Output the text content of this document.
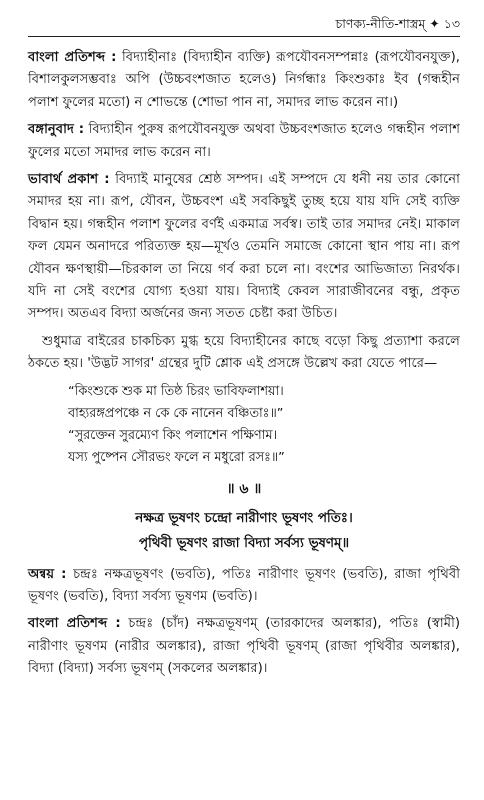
চাণক্য-নীতি-শাস্ত্রম্ ✦ ১৩

বাংলা প্রতিশব্দ : বিদ্যাহীনাঃ (বিদ্যাহীন ব্যক্তি) রূপযৌবনসম্পন্নাঃ (রূপযৌবনযুক্ত), বিশালকুলসম্ভবাঃ অপি (উচ্চবংশজাত হলেও) নির্গন্ধাঃ কিংশুকাঃ ইব (গন্ধহীন পলাশ ফুলের মতো) ন শোভন্তে (শোভা পান না, সমাদর লাভ করেন না।)

বঙ্গানুবাদ : বিদ্যাহীন পুরুষ রূপযৌবনযুক্ত অথবা উচ্চবংশজাত হলেও গন্ধহীন পলাশ ফুলের মতো সমাদর লাভ করেন না।

ভাবার্থ প্রকাশ : বিদ্যাই মানুষের শ্রেষ্ঠ সম্পদ। এই সম্পদে যে ধনী নয় তার কোনো সমাদর হয় না। রূপ, যৌবন, উচ্চবংশ এই সবকিছুই তুচ্ছ হয়ে যায় যদি সেই ব্যক্তি বিদ্বান হয়। গন্ধহীন পলাশ ফুলের বর্ণই একমাত্র সর্বস্ব। তাই তার সমাদর নেই। মাকাল ফল যেমন অনাদরে পরিত্যক্ত হয়—মূর্খও তেমনি সমাজে কোনো স্থান পায় না। রূপ যৌবন ক্ষণস্থায়ী—চিরকাল তা নিয়ে গর্ব করা চলে না। বংশের আভিজাত্য নিরর্থক। যদি না সেই বংশের যোগ্য হওয়া যায়। বিদ্যাই কেবল সারাজীবনের বন্ধু, প্রকৃত সম্পদ। অতএব বিদ্যা অর্জনের জন্য সতত চেষ্টা করা উচিত।

শুধুমাত্র বাইরের চাকচিক্য মুগ্ধ হয়ে বিদ্যাহীনের কাছে বড়ো কিছু প্রত্যাশা করলে ঠকতে হয়। 'উদ্ভট সাগর' গ্রন্থের দুটি শ্লোক এই প্রসঙ্গে উল্লেখ করা যেতে পারে—

“কিংশুকে শুক মা তিষ্ঠ চিরং ভাবিফলাশয়া।
বাহ্যরঙ্গপ্রপঞ্চে ন কে কে নানেন বঞ্চিতাঃ॥”
“সুরক্তেন সুরম্যেণ কিং পলাশেন পক্ষিণাম।
যস্য পুষ্পেন সৌরভং ফলে ন মধুরো রসঃ॥”
॥ ৬ ॥
নক্ষত্র ভূষণং চন্দ্রো নারীণাং ভূষণং পতিঃ।
পৃথিবী ভূষণং রাজা বিদ্যা সর্বস্য ভূষণম্॥

অন্বয় : চন্দ্রঃ নক্ষত্রভূষণং (ভবতি), পতিঃ নারীণাং ভূষণং (ভবতি), রাজা পৃথিবী ভূষণং (ভবতি), বিদ্যা সর্বস্য ভূষণম (ভবতি)।

বাংলা প্রতিশব্দ : চন্দ্রঃ (চাঁদ) নক্ষত্রভূষণম্ (তারকাদের অলঙ্কার), পতিঃ (স্বামী) নারীণাং ভূষণম (নারীর অলঙ্কার), রাজা পৃথিবী ভূষণম্ (রাজা পৃথিবীর অলঙ্কার), বিদ্যা (বিদ্যা) সর্বস্য ভূষণম্ (সকলের অলঙ্কার)।
